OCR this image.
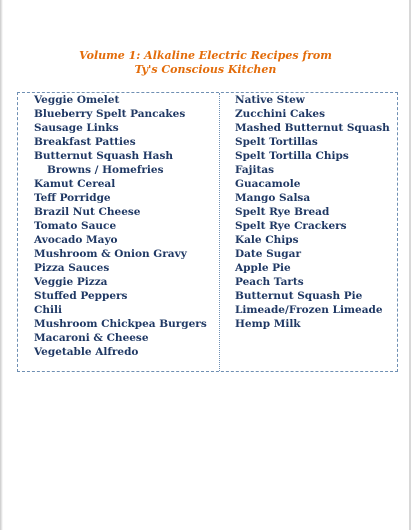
Volume 1: Alkaline Electric Recipes from
Ty's Conscious Kitchen
Veggie Omelet
Blueberry Spelt Pancakes
Sausage Links
Breakfast Patties
Butternut Squash Hash
Browns / Homefries
Kamut Cereal
Teff Porridge
Brazil Nut Cheese
Tomato Sauce
Avocado Mayo
Mushroom & Onion Gravy
Pizza Sauces
Veggie Pizza
Stuffed Peppers
Chili
Mushroom Chickpea Burgers
Macaroni & Cheese
Vegetable Alfredo
Native Stew
Zucchini Cakes
Mashed Butternut Squash
Spelt Tortillas
Spelt Tortilla Chips
Fajitas
Guacamole
Mango Salsa
Spelt Rye Bread
Spelt Rye Crackers
Kale Chips
Date Sugar
Apple Pie
Peach Tarts
Butternut Squash Pie
Limeade/Frozen Limeade
Hemp Milk
